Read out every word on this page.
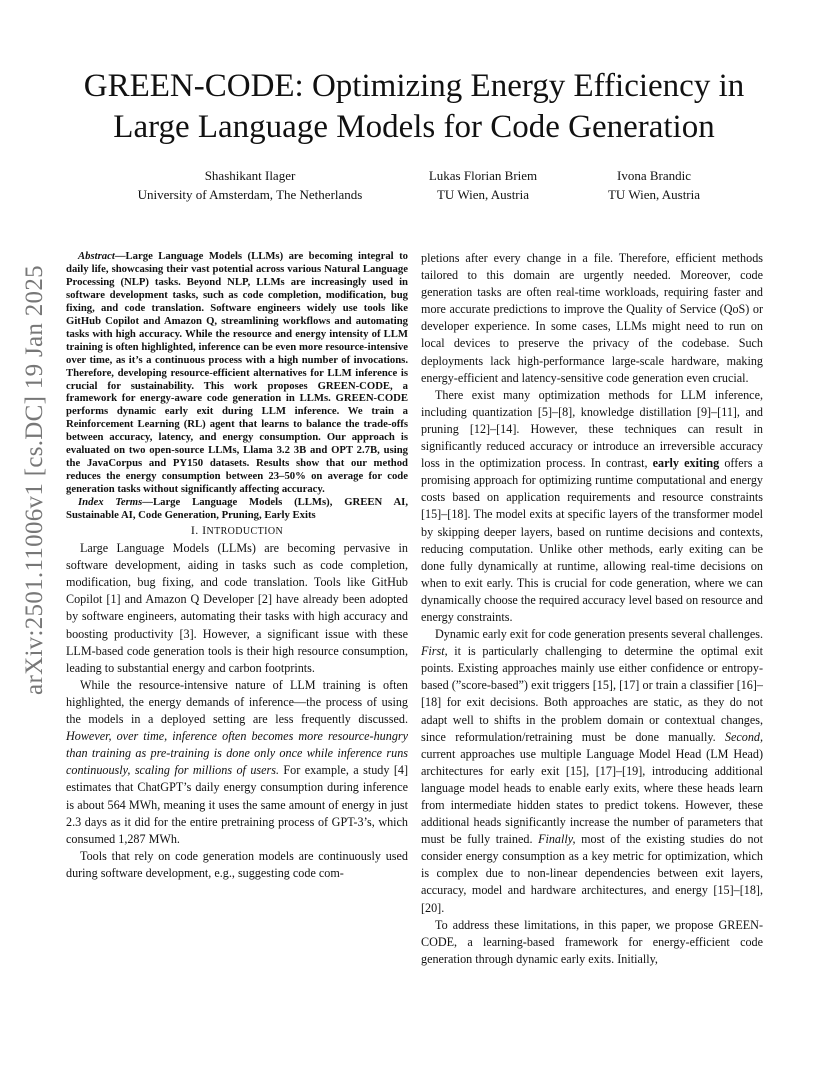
GREEN-CODE: Optimizing Energy Efficiency in
Large Language Models for Code Generation
Shashikant Ilager
University of Amsterdam, The Netherlands
Lukas Florian Briem
TU Wien, Austria
Ivona Brandic
TU Wien, Austria
arXiv:2501.11006v1 [cs.DC] 19 Jan 2025

Abstract—Large Language Models (LLMs) are becoming integral to daily life, showcasing their vast potential across various Natural Language Processing (NLP) tasks. Beyond NLP, LLMs are increasingly used in software development tasks, such as code completion, modification, bug fixing, and code translation. Software engineers widely use tools like GitHub Copilot and Amazon Q, streamlining workflows and automating tasks with high accuracy. While the resource and energy intensity of LLM training is often highlighted, inference can be even more resource-intensive over time, as it’s a continuous process with a high number of invocations. Therefore, developing resource-efficient alternatives for LLM inference is crucial for sustainability. This work proposes GREEN-CODE, a framework for energy-aware code generation in LLMs. GREEN-CODE performs dynamic early exit during LLM inference. We train a Reinforcement Learning (RL) agent that learns to balance the trade-offs between accuracy, latency, and energy consumption. Our approach is evaluated on two open-source LLMs, Llama 3.2 3B and OPT 2.7B, using the JavaCorpus and PY150 datasets. Results show that our method reduces the energy consumption between 23–50% on average for code generation tasks without significantly affecting accuracy.

Index Terms—Large Language Models (LLMs), GREEN AI, Sustainable AI, Code Generation, Pruning, Early Exits

I. INTRODUCTION

Large Language Models (LLMs) are becoming pervasive in software development, aiding in tasks such as code completion, modification, bug fixing, and code translation. Tools like GitHub Copilot [1] and Amazon Q Developer [2] have already been adopted by software engineers, automating their tasks with high accuracy and boosting productivity [3]. However, a significant issue with these LLM-based code generation tools is their high resource consumption, leading to substantial energy and carbon footprints.

While the resource-intensive nature of LLM training is often highlighted, the energy demands of inference—the process of using the models in a deployed setting are less frequently discussed. However, over time, inference often becomes more resource-hungry than training as pre-training is done only once while inference runs continuously, scaling for millions of users. For example, a study [4] estimates that ChatGPT’s daily energy consumption during inference is about 564 MWh, meaning it uses the same amount of energy in just 2.3 days as it did for the entire pretraining process of GPT-3’s, which consumed 1,287 MWh.

Tools that rely on code generation models are continuously used during software development, e.g., suggesting code com-

pletions after every change in a file. Therefore, efficient methods tailored to this domain are urgently needed. Moreover, code generation tasks are often real-time workloads, requiring faster and more accurate predictions to improve the Quality of Service (QoS) or developer experience. In some cases, LLMs might need to run on local devices to preserve the privacy of the codebase. Such deployments lack high-performance large-scale hardware, making energy-efficient and latency-sensitive code generation even crucial.

There exist many optimization methods for LLM inference, including quantization [5]–[8], knowledge distillation [9]–[11], and pruning [12]–[14]. However, these techniques can result in significantly reduced accuracy or introduce an irreversible accuracy loss in the optimization process. In contrast, early exiting offers a promising approach for optimizing runtime computational and energy costs based on application requirements and resource constraints [15]–[18]. The model exits at specific layers of the transformer model by skipping deeper layers, based on runtime decisions and contexts, reducing computation. Unlike other methods, early exiting can be done fully dynamically at runtime, allowing real-time decisions on when to exit early. This is crucial for code generation, where we can dynamically choose the required accuracy level based on resource and energy constraints.

Dynamic early exit for code generation presents several challenges. First, it is particularly challenging to determine the optimal exit points. Existing approaches mainly use either confidence or entropy-based (”score-based”) exit triggers [15], [17] or train a classifier [16]–[18] for exit decisions. Both approaches are static, as they do not adapt well to shifts in the problem domain or contextual changes, since reformulation/retraining must be done manually. Second, current approaches use multiple Language Model Head (LM Head) architectures for early exit [15], [17]–[19], introducing additional language model heads to enable early exits, where these heads learn from intermediate hidden states to predict tokens. However, these additional heads significantly increase the number of parameters that must be fully trained. Finally, most of the existing studies do not consider energy consumption as a key metric for optimization, which is complex due to non-linear dependencies between exit layers, accuracy, model and hardware architectures, and energy [15]–[18], [20].

To address these limitations, in this paper, we propose GREEN-CODE, a learning-based framework for energy-efficient code generation through dynamic early exits. Initially,
